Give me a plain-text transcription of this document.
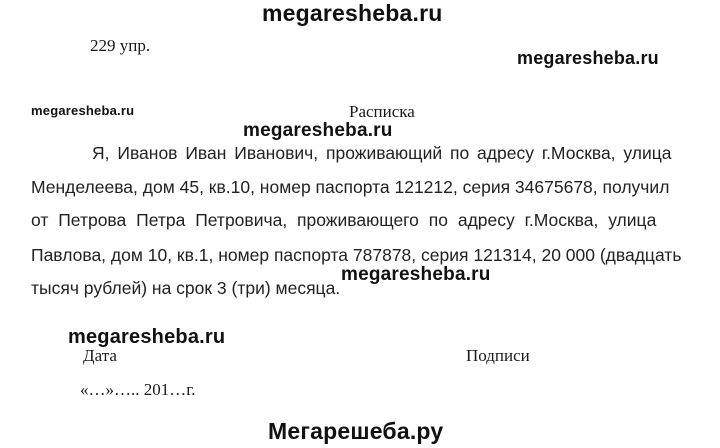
megaresheba.ru
229 упр.
megaresheba.ru
megaresheba.ru	Расписка
Я, Иванов Иван Иванович, проживающий по адресу г.Москва, улица
Менделеева, дом 45, кв.10, номер паспорта 121212, серия 34675678, получил
от Петрова Петра Петровича, проживающего по адресу г.Москва, улица
Павлова, дом 10, кв.1, номер паспорта 787878, серия 121314, 20 000 (двадцать
тысяч рублей) на срок 3 (три) месяца.
megaresheba.ru
megaresheba.ru
megaresheba.ru
Дата	Подписи
«…»….. 201…г.
Мегарешеба.ру
